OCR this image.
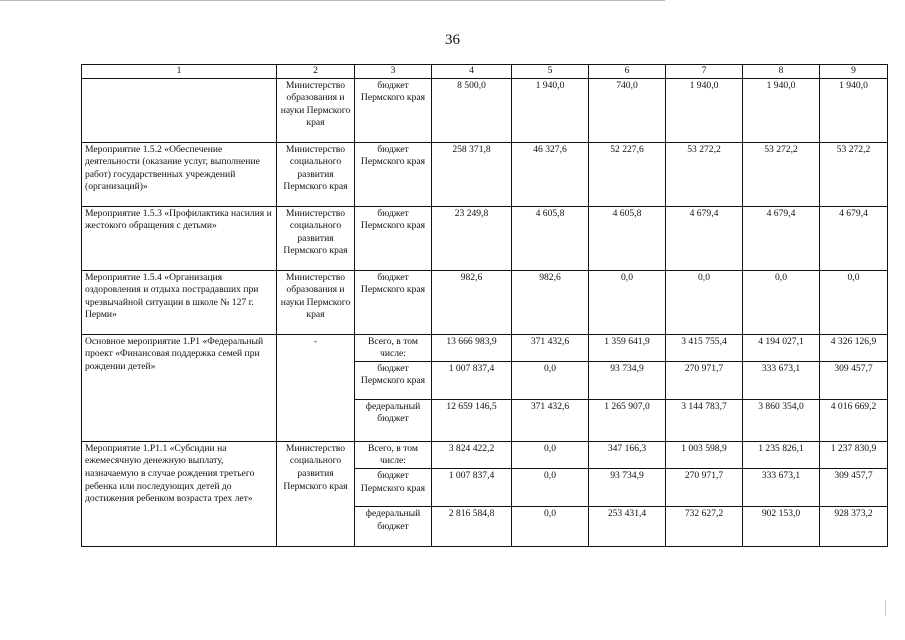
36
1	2	3	4	5	6	7	8	9
	Министерство образования и науки Пермского края	бюджет Пермского края	8 500,0	1 940,0	740,0	1 940,0	1 940,0	1 940,0
Мероприятие 1.5.2 «Обеспечение деятельности (оказание услуг, выполнение работ) государственных учреждений (организаций)»	Министерство социального развития Пермского края	бюджет Пермского края	258 371,8	46 327,6	52 227,6	53 272,2	53 272,2	53 272,2
Мероприятие 1.5.3 «Профилактика насилия и жестокого обращения с детьми»	Министерство социального развития Пермского края	бюджет Пермского края	23 249,8	4 605,8	4 605,8	4 679,4	4 679,4	4 679,4
Мероприятие 1.5.4 «Организация оздоровления и отдыха пострадавших при чрезвычайной ситуации в школе № 127 г. Перми»	Министерство образования и науки Пермского края	бюджет Пермского края	982,6	982,6	0,0	0,0	0,0	0,0
Основное мероприятие 1.Р1 «Федеральный проект «Финансовая поддержка семей при рождении детей»	-	Всего, в том числе:	13 666 983,9	371 432,6	1 359 641,9	3 415 755,4	4 194 027,1	4 326 126,9
		бюджет Пермского края	1 007 837,4	0,0	93 734,9	270 971,7	333 673,1	309 457,7
		федеральный бюджет	12 659 146,5	371 432,6	1 265 907,0	3 144 783,7	3 860 354,0	4 016 669,2
Мероприятие 1.Р1.1 «Субсидии на ежемесячную денежную выплату, назначаемую в случае рождения третьего ребенка или последующих детей до достижения ребенком возраста трех лет»	Министерство социального развития Пермского края	Всего, в том числе:	3 824 422,2	0,0	347 166,3	1 003 598,9	1 235 826,1	1 237 830,9
		бюджет Пермского края	1 007 837,4	0,0	93 734,9	270 971,7	333 673,1	309 457,7
		федеральный бюджет	2 816 584,8	0,0	253 431,4	732 627,2	902 153,0	928 373,2
